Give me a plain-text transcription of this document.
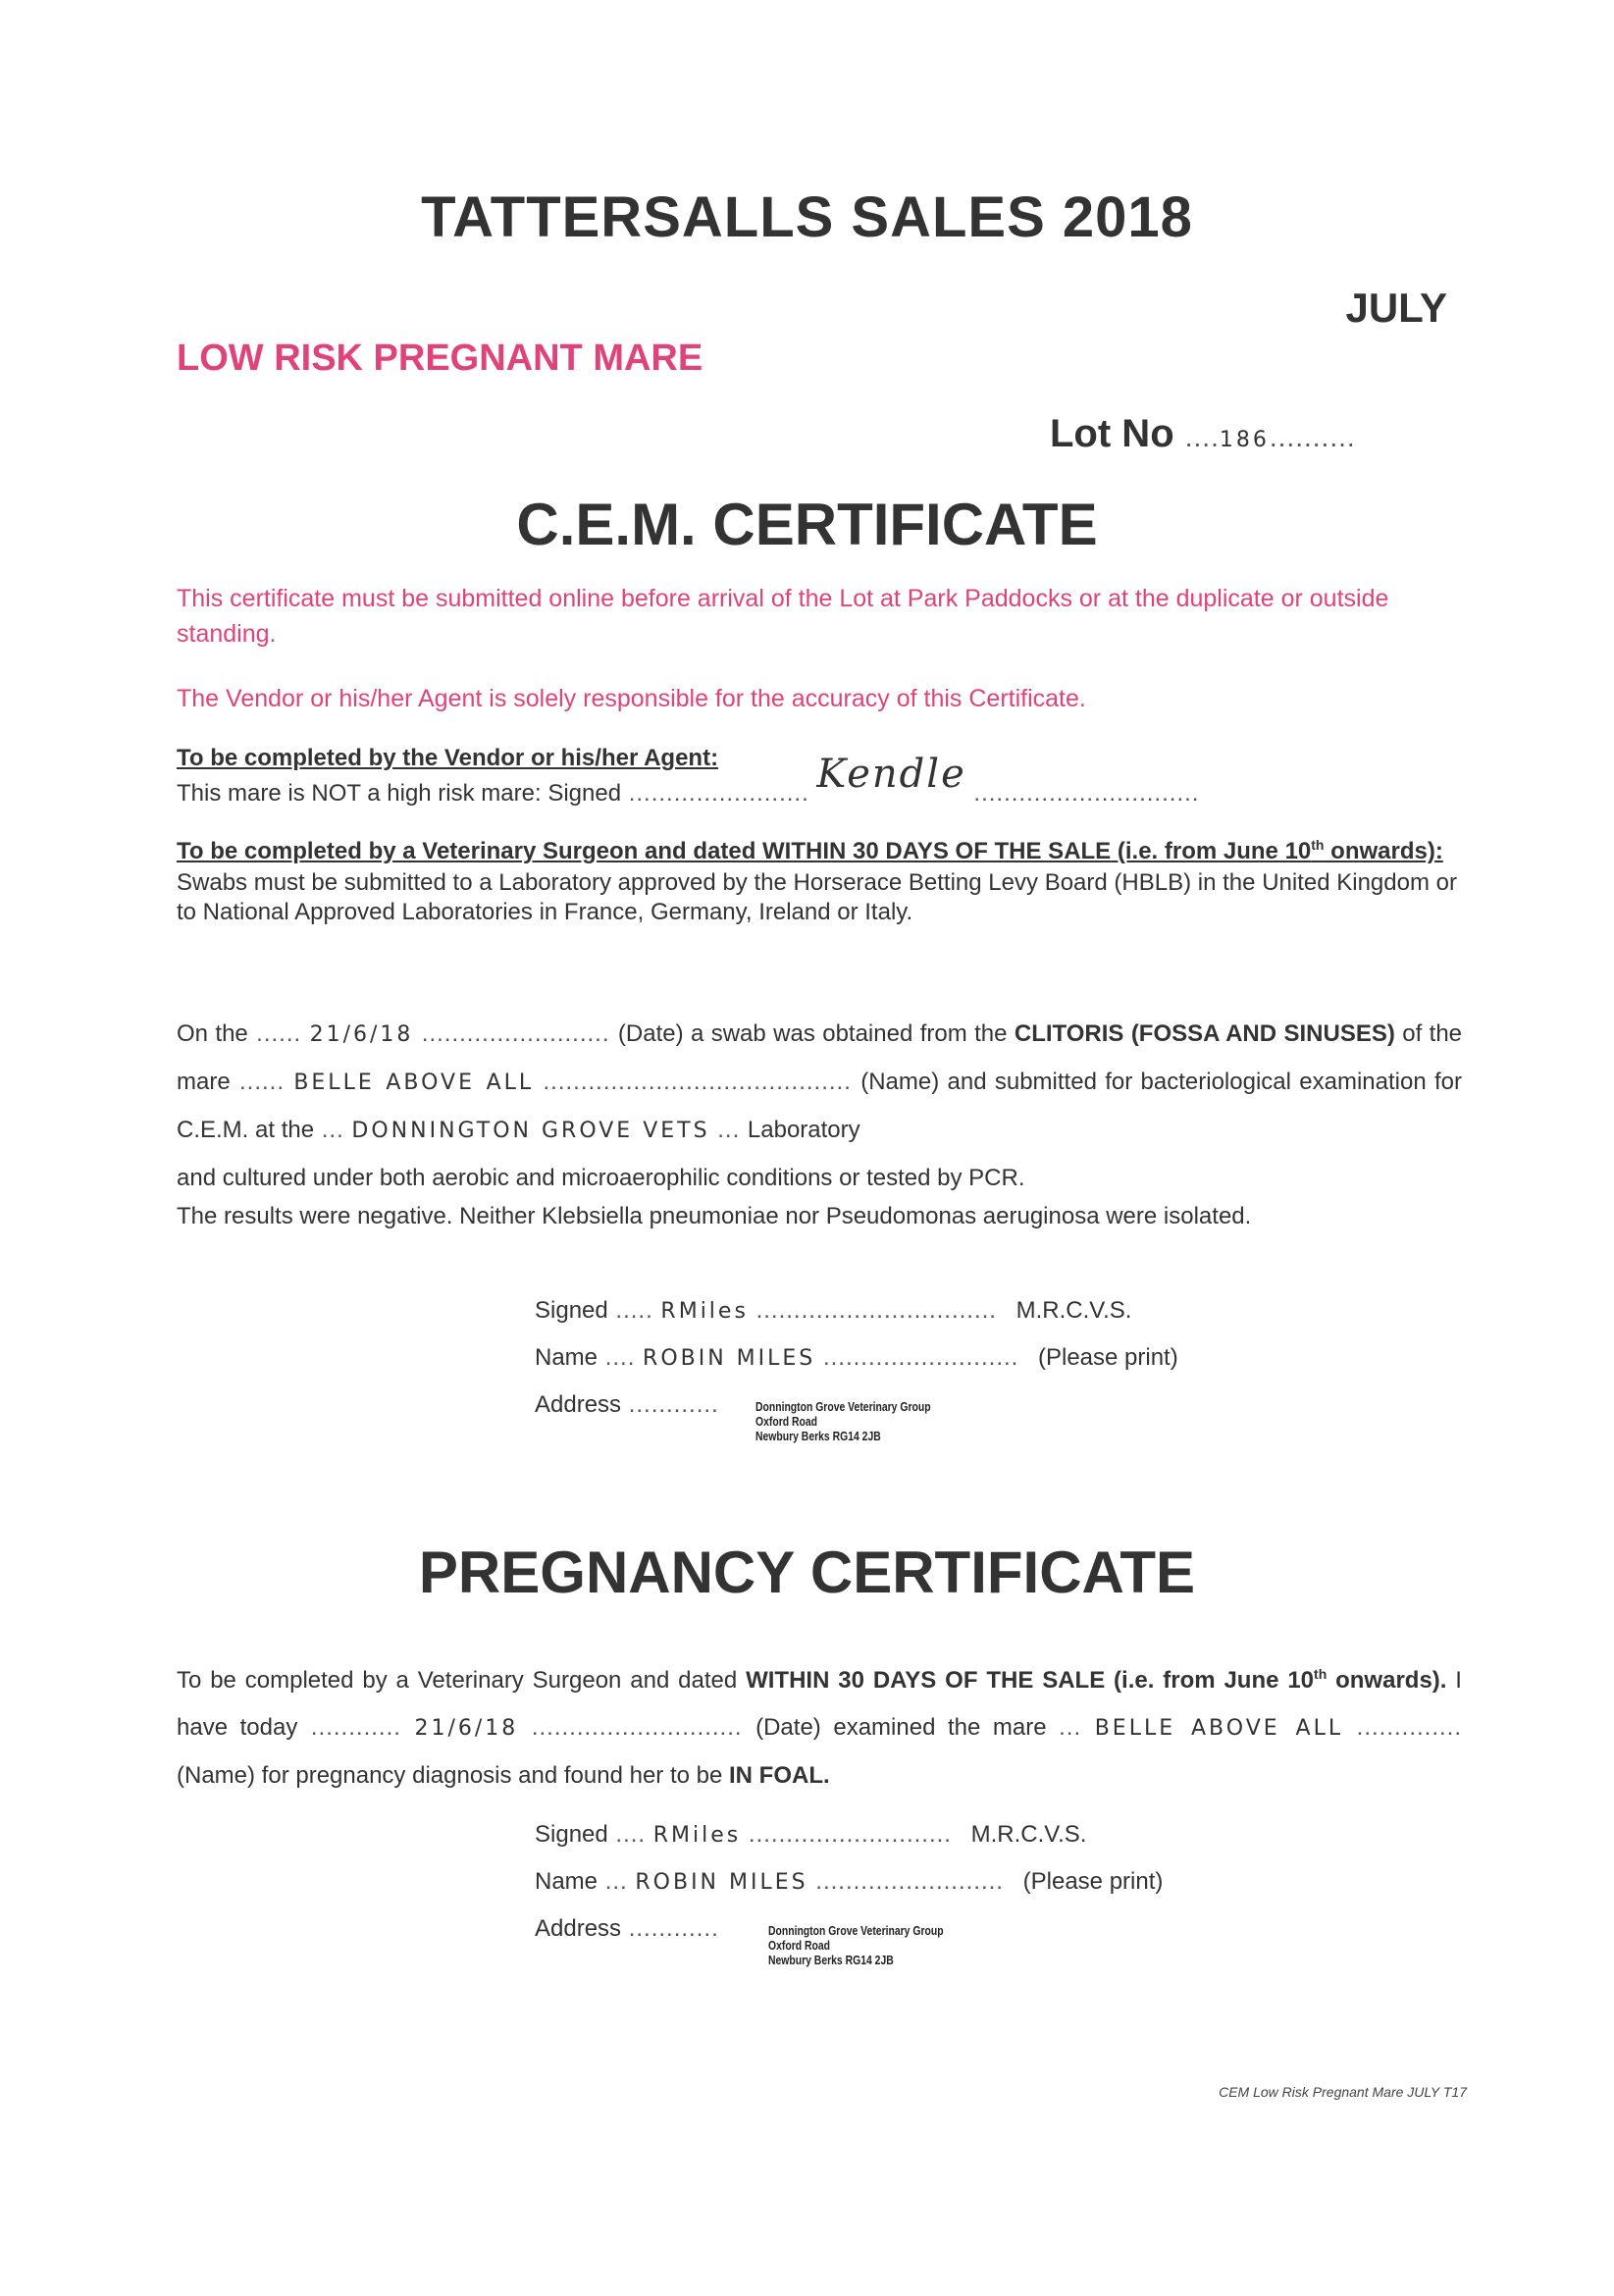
TATTERSALLS SALES 2018
JULY
LOW RISK PREGNANT MARE
Lot No ....186..........
C.E.M. CERTIFICATE
This certificate must be submitted online before arrival of the Lot at Park Paddocks or at the duplicate or outside standing.
The Vendor or his/her Agent is solely responsible for the accuracy of this Certificate.
To be completed by the Vendor or his/her Agent:
This mare is NOT a high risk mare: Signed ........................ Kendle ..............................
To be completed by a Veterinary Surgeon and dated WITHIN 30 DAYS OF THE SALE (i.e. from June 10th onwards):
Swabs must be submitted to a Laboratory approved by the Horserace Betting Levy Board (HBLB) in the United Kingdom or to National Approved Laboratories in France, Germany, Ireland or Italy.
On the ...... 21/6/18 ......................... (Date) a swab was obtained from the CLITORIS (FOSSA AND SINUSES) of the mare ...... BELLE ABOVE ALL ......................................... (Name) and submitted for bacteriological examination for C.E.M. at the ... DONNINGTON GROVE VETS ... Laboratory
and cultured under both aerobic and microaerophilic conditions or tested by PCR.
The results were negative. Neither Klebsiella pneumoniae nor Pseudomonas aeruginosa were isolated.
Signed ..... RMiles ................................ M.R.C.V.S.
Name .... ROBIN MILES .......................... (Please print)
Address ............	Donnington Grove Veterinary Group
Oxford Road
Newbury Berks RG14 2JB
PREGNANCY CERTIFICATE
To be completed by a Veterinary Surgeon and dated WITHIN 30 DAYS OF THE SALE (i.e. from June 10th onwards). I have today ............ 21/6/18 ............................ (Date) examined the mare ... BELLE ABOVE ALL .............. (Name) for pregnancy diagnosis and found her to be IN FOAL.
Signed .... RMiles ........................... M.R.C.V.S.
Name ... ROBIN MILES ......................... (Please print)
Address ............	Donnington Grove Veterinary Group
Oxford Road
Newbury Berks RG14 2JB
CEM Low Risk Pregnant Mare JULY T17
